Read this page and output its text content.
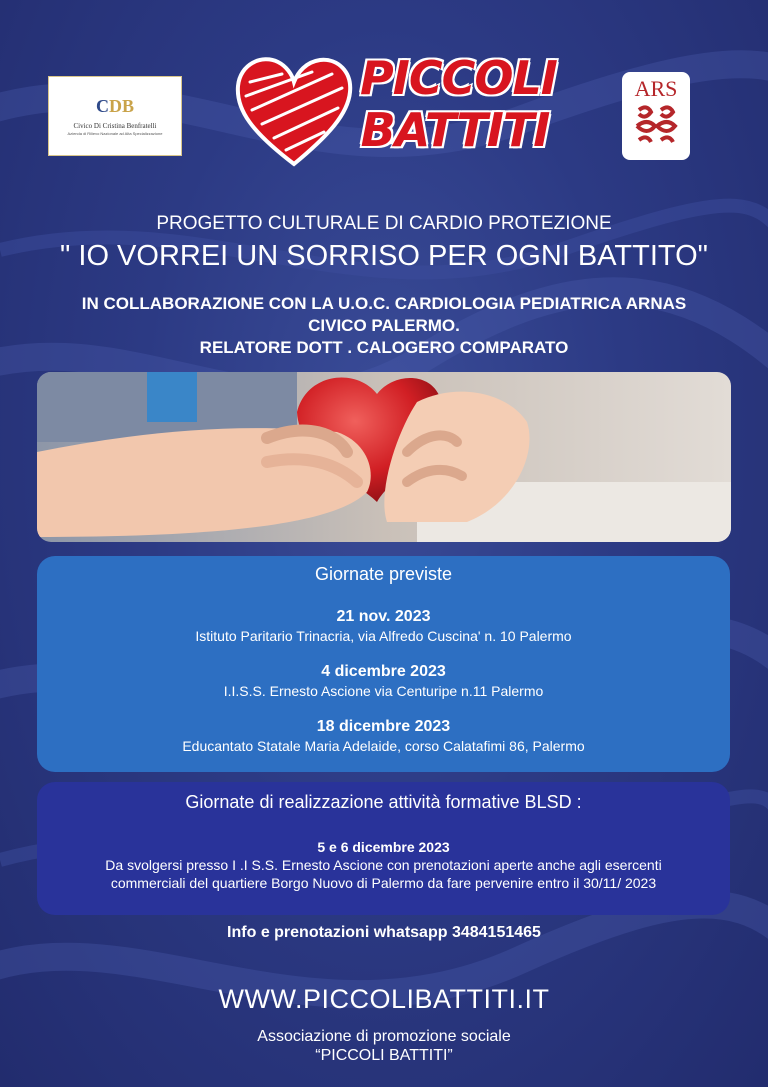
CDB
Civico Di Cristina Benfratelli
Azienda di Rilievo Nazionale ad Alta Specializzazione
PICCOLI
BATTITI
ARS
PROGETTO CULTURALE DI CARDIO PROTEZIONE
" IO VORREI UN SORRISO PER OGNI BATTITO"
IN COLLABORAZIONE CON LA U.O.C. CARDIOLOGIA PEDIATRICA ARNAS
CIVICO PALERMO.
RELATORE DOTT . CALOGERO COMPARATO
Giornate previste
21 nov. 2023
Istituto Paritario Trinacria, via Alfredo Cuscina' n. 10 Palermo
4 dicembre 2023
I.I.S.S. Ernesto Ascione via Centuripe n.11 Palermo
18 dicembre 2023
Educantato Statale Maria Adelaide, corso Calatafimi 86, Palermo
Giornate di realizzazione attività formative BLSD :
5 e 6 dicembre 2023
Da svolgersi presso I .I S.S. Ernesto Ascione con prenotazioni aperte anche agli esercenti
commerciali del quartiere Borgo Nuovo di Palermo da fare pervenire entro il 30/11/ 2023
Info e prenotazioni whatsapp 3484151465
WWW.PICCOLIBATTITI.IT
Associazione di promozione sociale
“PICCOLI BATTITI”
